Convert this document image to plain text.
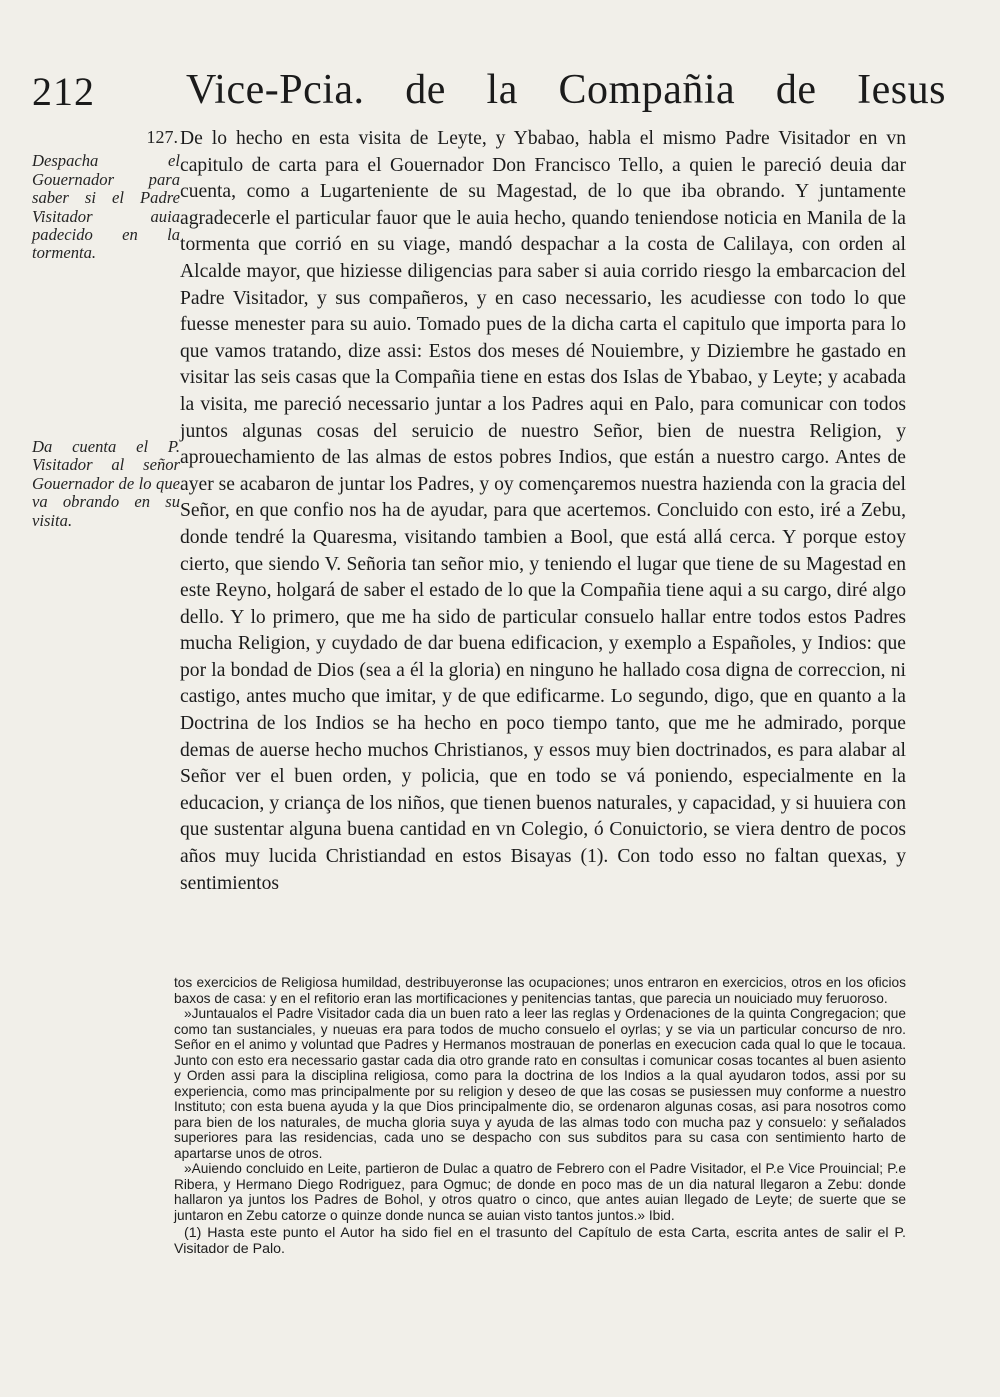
212 Vice-Pcia. de la Compañia de Iesus
127.
Despacha el Gouernador para saber si el Padre Visitador auia padecido en la tormenta.
Da cuenta el P. Visitador al señor Gouernador de lo que va obrando en su visita.

De lo hecho en esta visita de Leyte, y Ybabao, habla el mismo Padre Visitador en vn capitulo de carta para el Gouernador Don Francisco Tello, a quien le pareció deuia dar cuenta, como a Lugarteniente de su Magestad, de lo que iba obrando. Y juntamente agradecerle el particular fauor que le auia hecho, quando teniendose noticia en Manila de la tormenta que corrió en su viage, mandó despachar a la costa de Calilaya, con orden al Alcalde mayor, que hiziesse diligencias para saber si auia corrido riesgo la embarcacion del Padre Visitador, y sus compañeros, y en caso necessario, les acudiesse con todo lo que fuesse menester para su auio. Tomado pues de la dicha carta el capitulo que importa para lo que vamos tratando, dize assi: Estos dos meses dé Nouiembre, y Diziembre he gastado en visitar las seis casas que la Compañia tiene en estas dos Islas de Ybabao, y Leyte; y acabada la visita, me pareció necessario juntar a los Padres aqui en Palo, para comunicar con todos juntos algunas cosas del seruicio de nuestro Señor, bien de nuestra Religion, y aprouechamiento de las almas de estos pobres Indios, que están a nuestro cargo. Antes de ayer se acabaron de juntar los Padres, y oy començaremos nuestra hazienda con la gracia del Señor, en que confio nos ha de ayudar, para que acertemos. Concluido con esto, iré a Zebu, donde tendré la Quaresma, visitando tambien a Bool, que está allá cerca. Y porque estoy cierto, que siendo V. Señoria tan señor mio, y teniendo el lugar que tiene de su Magestad en este Reyno, holgará de saber el estado de lo que la Compañia tiene aqui a su cargo, diré algo dello. Y lo primero, que me ha sido de particular consuelo hallar entre todos estos Padres mucha Religion, y cuydado de dar buena edificacion, y exemplo a Españoles, y Indios: que por la bondad de Dios (sea a él la gloria) en ninguno he hallado cosa digna de correccion, ni castigo, antes mucho que imitar, y de que edificarme. Lo segundo, digo, que en quanto a la Doctrina de los Indios se ha hecho en poco tiempo tanto, que me he admirado, porque demas de auerse hecho muchos Christianos, y essos muy bien doctrinados, es para alabar al Señor ver el buen orden, y policia, que en todo se vá poniendo, especialmente en la educacion, y criança de los niños, que tienen buenos naturales, y capacidad, y si huuiera con que sustentar alguna buena cantidad en vn Colegio, ó Conuictorio, se viera dentro de pocos años muy lucida Christiandad en estos Bisayas (1). Con todo esso no faltan quexas, y sentimientos

tos exercicios de Religiosa humildad, destribuyeronse las ocupaciones; unos entraron en exercicios, otros en los oficios baxos de casa: y en el refitorio eran las mortificaciones y penitencias tantas, que parecia un nouiciado muy feruoroso.

»Juntaualos el Padre Visitador cada dia un buen rato a leer las reglas y Ordenaciones de la quinta Congregacion; que como tan sustanciales, y nueuas era para todos de mucho consuelo el oyrlas; y se via un particular concurso de nro. Señor en el animo y voluntad que Padres y Hermanos mostrauan de ponerlas en execucion cada qual lo que le tocaua. Junto con esto era necessario gastar cada dia otro grande rato en consultas i comunicar cosas tocantes al buen asiento y Orden assi para la disciplina religiosa, como para la doctrina de los Indios a la qual ayudaron todos, assi por su experiencia, como mas principalmente por su religion y deseo de que las cosas se pusiessen muy conforme a nuestro Instituto; con esta buena ayuda y la que Dios principalmente dio, se ordenaron algunas cosas, asi para nosotros como para bien de los naturales, de mucha gloria suya y ayuda de las almas todo con mucha paz y consuelo: y señalados superiores para las residencias, cada uno se despacho con sus subditos para su casa con sentimiento harto de apartarse unos de otros.

»Auiendo concluido en Leite, partieron de Dulac a quatro de Febrero con el Padre Visitador, el P.e Vice Prouincial; P.e Ribera, y Hermano Diego Rodriguez, para Ogmuc; de donde en poco mas de un dia natural llegaron a Zebu: donde hallaron ya juntos los Padres de Bohol, y otros quatro o cinco, que antes auian llegado de Leyte; de suerte que se juntaron en Zebu catorze o quinze donde nunca se auian visto tantos juntos.» Ibid.

(1) Hasta este punto el Autor ha sido fiel en el trasunto del Capítulo de esta Carta, escrita antes de salir el P. Visitador de Palo.
